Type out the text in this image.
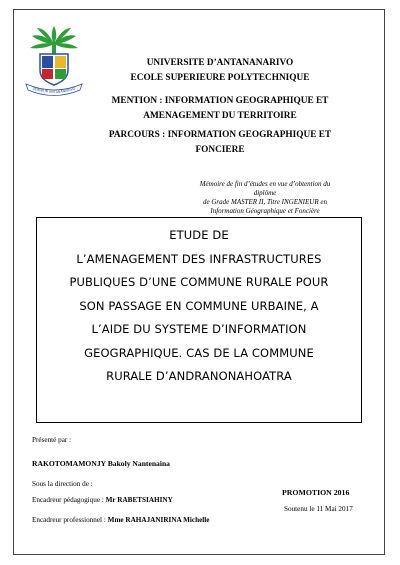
SERVEUR ANTANANARIVO
UNIVERSITE D’ANTANANARIVO
ECOLE SUPERIEURE POLYTECHNIQUE
MENTION : INFORMATION GEOGRAPHIQUE ET
AMENAGEMENT DU TERRITOIRE
PARCOURS : INFORMATION GEOGRAPHIQUE ET
FONCIERE
Mémoire de fin d’études en vue d’obtention du diplôme
de Grade MASTER II, Titre INGENIEUR en
Information Géographique et Foncière
ETUDE DE
L’AMENAGEMENT DES INFRASTRUCTURES
PUBLIQUES D’UNE COMMUNE RURALE POUR
SON PASSAGE EN COMMUNE URBAINE, A
L’AIDE DU SYSTEME D’INFORMATION
GEOGRAPHIQUE. CAS DE LA COMMUNE
RURALE D’ANDRANONAHOATRA
Présenté par :
RAKOTOMAMONJY Bakoly Nantenaina
Sous la direction de :
Encadreur pédagogique : Mr RABETSIAHINY
Encadreur professionnel : Mme RAHAJANIRINA Michelle
PROMOTION 2016
Soutenu le 11 Mai 2017
